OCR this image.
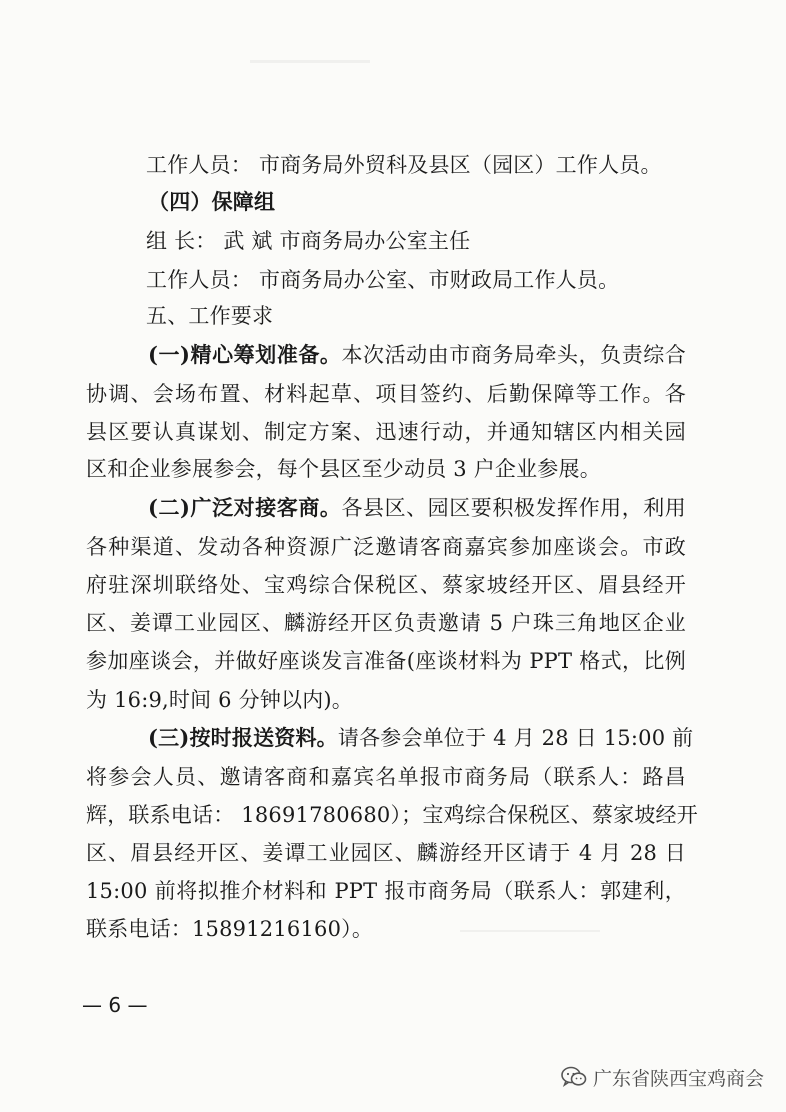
工作人员： 市商务局外贸科及县区（园区）工作人员。
（四）保障组
组 长： 武 斌 市商务局办公室主任
工作人员： 市商务局办公室、市财政局工作人员。
五、工作要求
(一)精心筹划准备。本次活动由市商务局牵头，负责综合
协调、会场布置、材料起草、项目签约、后勤保障等工作。各
县区要认真谋划、制定方案、迅速行动，并通知辖区内相关园
区和企业参展参会，每个县区至少动员 3 户企业参展。
(二)广泛对接客商。各县区、园区要积极发挥作用，利用
各种渠道、发动各种资源广泛邀请客商嘉宾参加座谈会。市政
府驻深圳联络处、宝鸡综合保税区、蔡家坡经开区、眉县经开
区、姜谭工业园区、麟游经开区负责邀请 5 户珠三角地区企业
参加座谈会，并做好座谈发言准备(座谈材料为 PPT 格式，比例
为 16:9,时间 6 分钟以内)。
(三)按时报送资料。请各参会单位于 4 月 28 日 15:00 前
将参会人员、邀请客商和嘉宾名单报市商务局（联系人：路昌
辉，联系电话： 18691780680）；宝鸡综合保税区、蔡家坡经开
区、眉县经开区、姜谭工业园区、麟游经开区请于 4 月 28 日
15:00 前将拟推介材料和 PPT 报市商务局（联系人：郭建利，
联系电话：15891216160）。
— 6 —
广东省陕西宝鸡商会
